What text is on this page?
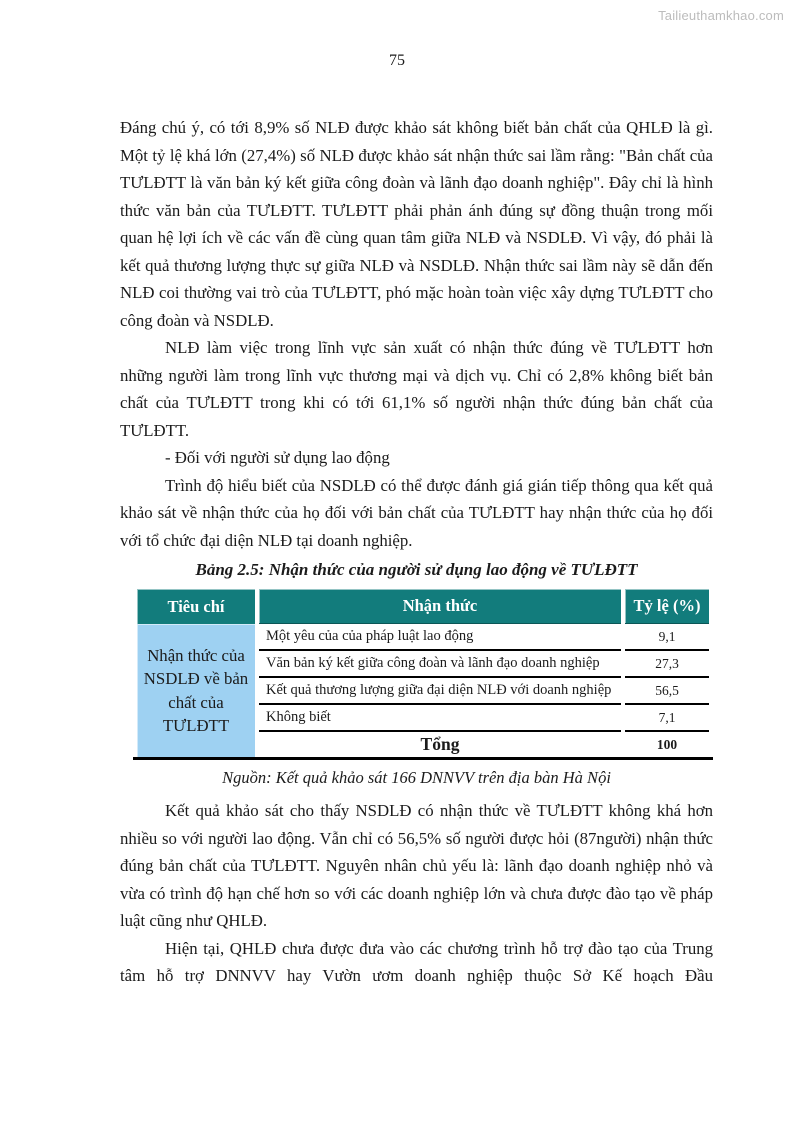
Tailieuthamkhao.com
75

Đáng chú ý, có tới 8,9% số NLĐ được khảo sát không biết bản chất của QHLĐ là gì. Một tỷ lệ khá lớn (27,4%) số NLĐ được khảo sát nhận thức sai lầm rằng: "Bản chất của TƯLĐTT là văn bản ký kết giữa công đoàn và lãnh đạo doanh nghiệp". Đây chỉ là hình thức văn bản của TƯLĐTT. TƯLĐTT phải phản ánh đúng sự đồng thuận trong mối quan hệ lợi ích về các vấn đề cùng quan tâm giữa NLĐ và NSDLĐ. Vì vậy, đó phải là kết quả thương lượng thực sự giữa NLĐ và NSDLĐ. Nhận thức sai lầm này sẽ dẫn đến NLĐ coi thường vai trò của TƯLĐTT, phó mặc hoàn toàn việc xây dựng TƯLĐTT cho công đoàn và NSDLĐ.

NLĐ làm việc trong lĩnh vực sản xuất có nhận thức đúng về TƯLĐTT hơn những người làm trong lĩnh vực thương mại và dịch vụ. Chỉ có 2,8% không biết bản chất của TƯLĐTT trong khi có tới 61,1% số người nhận thức đúng bản chất của TƯLĐTT.

- Đối với người sử dụng lao động

Trình độ hiểu biết của NSDLĐ có thể được đánh giá gián tiếp thông qua kết quả khảo sát về nhận thức của họ đối với bản chất của TƯLĐTT hay nhận thức của họ đối với tổ chức đại diện NLĐ tại doanh nghiệp.

Bảng 2.5: Nhận thức của người sử dụng lao động về TƯLĐTT
Tiêu chí	Nhận thức	Tỷ lệ (%)
Nhận thức của NSDLĐ về bản chất của TƯLĐTT	Một yêu của của pháp luật lao động	9,1
	Văn bản ký kết giữa công đoàn và lãnh đạo doanh nghiệp	27,3
	Kết quả thương lượng giữa đại diện NLĐ với doanh nghiệp	56,5
	Không biết	7,1
	Tổng	100
Nguồn: Kết quả khảo sát 166 DNNVV trên địa bàn Hà Nội

Kết quả khảo sát cho thấy NSDLĐ có nhận thức về TƯLĐTT không khá hơn nhiều so với người lao động. Vẫn chỉ có 56,5% số người được hỏi (87người) nhận thức đúng bản chất của TƯLĐTT. Nguyên nhân chủ yếu là: lãnh đạo doanh nghiệp nhỏ và vừa có trình độ hạn chế hơn so với các doanh nghiệp lớn và chưa được đào tạo về pháp luật cũng như QHLĐ.

Hiện tại, QHLĐ chưa được đưa vào các chương trình hỗ trợ đào tạo của Trung tâm hỗ trợ DNNVV hay Vườn ươm doanh nghiệp thuộc Sở Kế hoạch Đầu
